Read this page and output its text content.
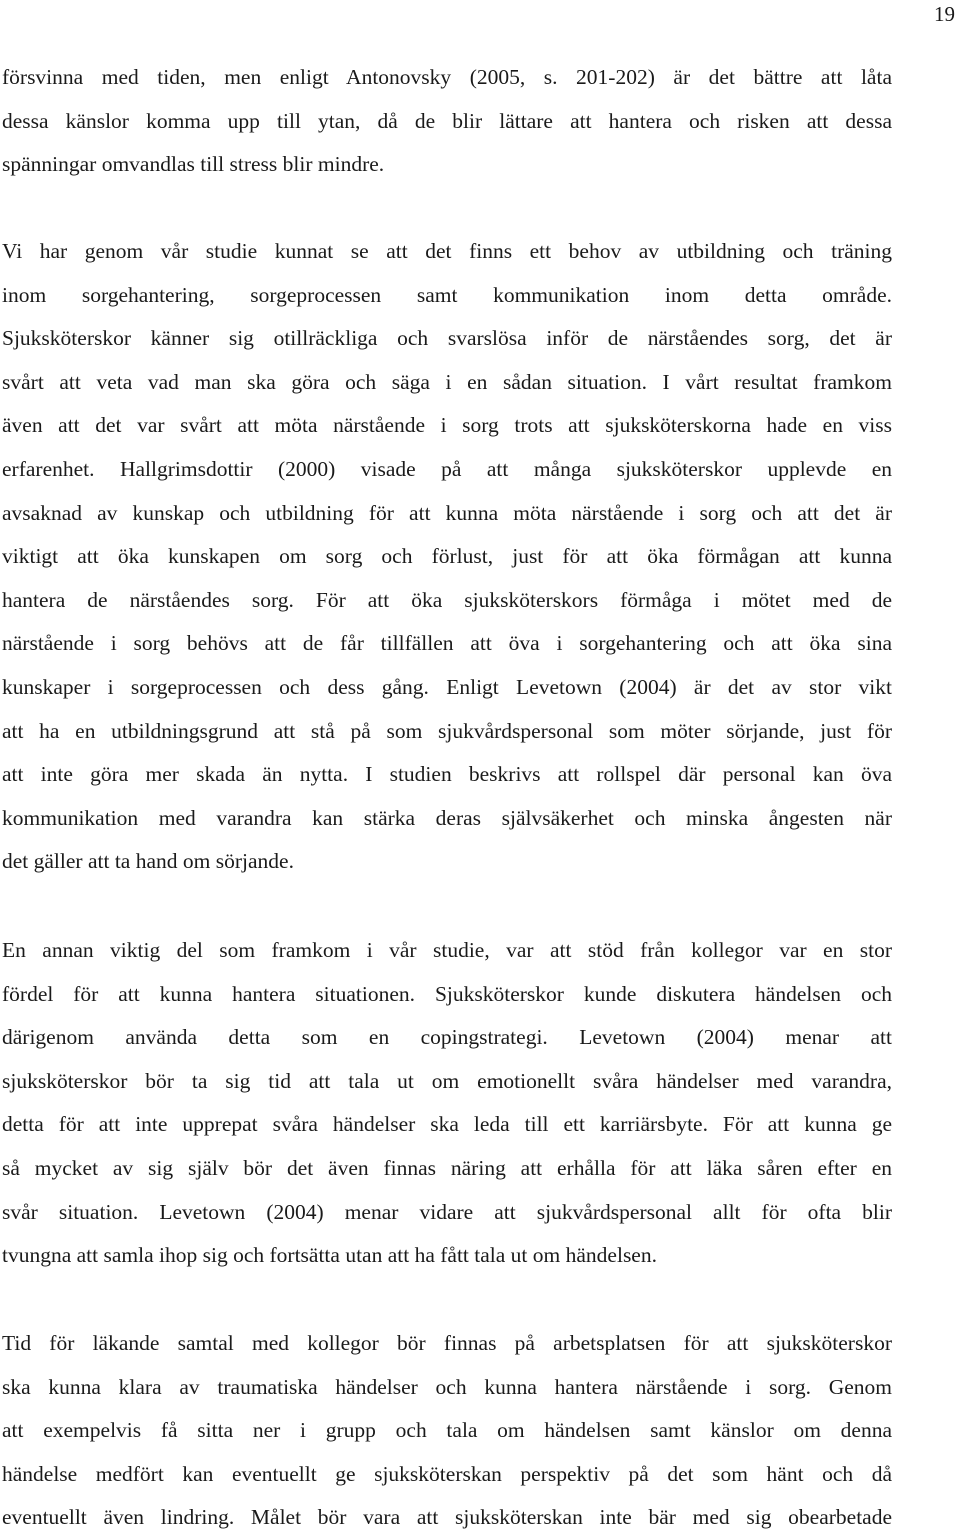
19
försvinna med tiden, men enligt Antonovsky (2005, s. 201-202) är det bättre att låta
dessa känslor komma upp till ytan, då de blir lättare att hantera och risken att dessa
spänningar omvandlas till stress blir mindre.
Vi har genom vår studie kunnat se att det finns ett behov av utbildning och träning
inom sorgehantering, sorgeprocessen samt kommunikation inom detta område.
Sjuksköterskor känner sig otillräckliga och svarslösa inför de närståendes sorg, det är
svårt att veta vad man ska göra och säga i en sådan situation. I vårt resultat framkom
även att det var svårt att möta närstående i sorg trots att sjuksköterskorna hade en viss
erfarenhet. Hallgrimsdottir (2000) visade på att många sjuksköterskor upplevde en
avsaknad av kunskap och utbildning för att kunna möta närstående i sorg och att det är
viktigt att öka kunskapen om sorg och förlust, just för att öka förmågan att kunna
hantera de närståendes sorg. För att öka sjuksköterskors förmåga i mötet med de
närstående i sorg behövs att de får tillfällen att öva i sorgehantering och att öka sina
kunskaper i sorgeprocessen och dess gång. Enligt Levetown (2004) är det av stor vikt
att ha en utbildningsgrund att stå på som sjukvårdspersonal som möter sörjande, just för
att inte göra mer skada än nytta. I studien beskrivs att rollspel där personal kan öva
kommunikation med varandra kan stärka deras självsäkerhet och minska ångesten när
det gäller att ta hand om sörjande.
En annan viktig del som framkom i vår studie, var att stöd från kollegor var en stor
fördel för att kunna hantera situationen. Sjuksköterskor kunde diskutera händelsen och
därigenom använda detta som en copingstrategi. Levetown (2004) menar att
sjuksköterskor bör ta sig tid att tala ut om emotionellt svåra händelser med varandra,
detta för att inte upprepat svåra händelser ska leda till ett karriärsbyte. För att kunna ge
så mycket av sig själv bör det även finnas näring att erhålla för att läka såren efter en
svår situation. Levetown (2004) menar vidare att sjukvårdspersonal allt för ofta blir
tvungna att samla ihop sig och fortsätta utan att ha fått tala ut om händelsen.
Tid för läkande samtal med kollegor bör finnas på arbetsplatsen för att sjuksköterskor
ska kunna klara av traumatiska händelser och kunna hantera närstående i sorg. Genom
att exempelvis få sitta ner i grupp och tala om händelsen samt känslor om denna
händelse medfört kan eventuellt ge sjuksköterskan perspektiv på det som hänt och då
eventuellt även lindring. Målet bör vara att sjuksköterskan inte bär med sig obearbetade
